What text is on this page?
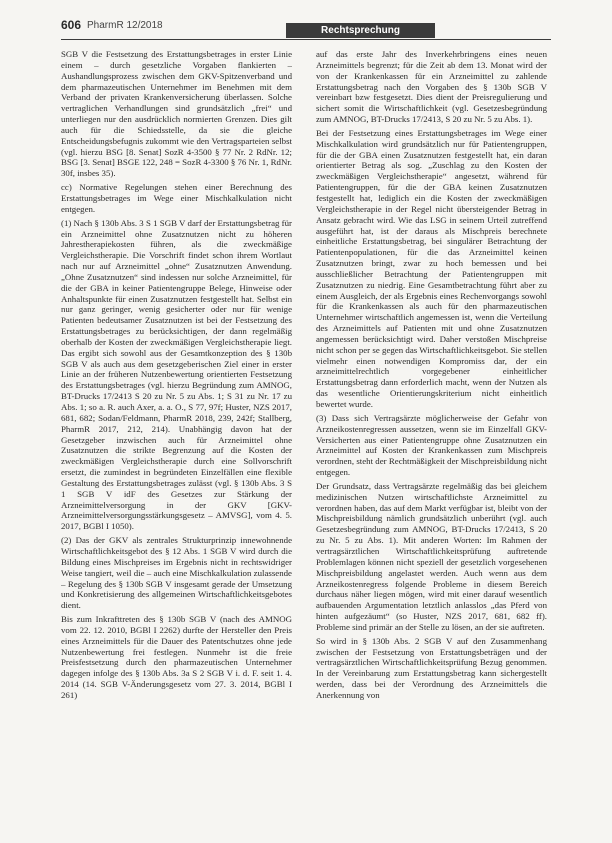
606 PharmR 12/2018	Rechtsprechung

SGB V die Festsetzung des Erstattungsbetrages in erster Linie einem – durch gesetzliche Vorgaben flankierten – Aushandlungsprozess zwischen dem GKV-Spitzenverband und dem pharmazeutischen Unternehmer im Benehmen mit dem Verband der privaten Krankenversicherung überlassen. Solche vertraglichen Verhandlungen sind grundsätzlich „frei“ und unterliegen nur den ausdrücklich normierten Grenzen. Dies gilt auch für die Schiedsstelle, da sie die gleiche Entscheidungsbefugnis zukommt wie den Vertragsparteien selbst (vgl. hierzu BSG [8. Senat] SozR 4-3500 § 77 Nr. 2 RdNr. 12; BSG [3. Senat] BSGE 122, 248 = SozR 4-3300 § 76 Nr. 1, RdNr. 30f, insbes 35).

cc) Normative Regelungen stehen einer Berechnung des Erstattungsbetrages im Wege einer Mischkalkulation nicht entgegen.

(1) Nach § 130b Abs. 3 S 1 SGB V darf der Erstattungsbetrag für ein Arzneimittel ohne Zusatznutzen nicht zu höheren Jahrestherapiekosten führen, als die zweckmäßige Vergleichstherapie. Die Vorschrift findet schon ihrem Wortlaut nach nur auf Arzneimittel „ohne“ Zusatznutzen Anwendung. „Ohne Zusatznutzen“ sind indessen nur solche Arzneimittel, für die der GBA in keiner Patientengruppe Belege, Hinweise oder Anhaltspunkte für einen Zusatznutzen festgestellt hat. Selbst ein nur ganz geringer, wenig gesicherter oder nur für wenige Patienten bedeutsamer Zusatznutzen ist bei der Festsetzung des Erstattungsbetrages zu berücksichtigen, der dann regelmäßig oberhalb der Kosten der zweckmäßigen Vergleichstherapie liegt. Das ergibt sich sowohl aus der Gesamtkonzeption des § 130b SGB V als auch aus dem gesetzgeberischen Ziel einer in erster Linie an der früheren Nutzenbewertung orientierten Festsetzung des Erstattungsbetrages (vgl. hierzu Begründung zum AMNOG, BT-Drucks 17/2413 S 20 zu Nr. 5 zu Abs. 1; S 31 zu Nr. 17 zu Abs. 1; so a. R. auch Axer, a. a. O., S 77, 97f; Huster, NZS 2017, 681, 682; Sodan/Feldmann, PharmR 2018, 239, 242f; Stallberg, PharmR 2017, 212, 214). Unabhängig davon hat der Gesetzgeber inzwischen auch für Arzneimittel ohne Zusatznutzen die strikte Begrenzung auf die Kosten der zweckmäßigen Vergleichstherapie durch eine Sollvorschrift ersetzt, die zumindest in begründeten Einzelfällen eine flexible Gestaltung des Erstattungsbetrages zulässt (vgl. § 130b Abs. 3 S 1 SGB V idF des Gesetzes zur Stärkung der Arzneimittelversorgung in der GKV [GKV-Arzneimittelversorgungsstärkungsgesetz – AMVSG], vom 4. 5. 2017, BGBl I 1050).

(2) Das der GKV als zentrales Strukturprinzip innewohnende Wirtschaftlichkeitsgebot des § 12 Abs. 1 SGB V wird durch die Bildung eines Mischpreises im Ergebnis nicht in rechtswidriger Weise tangiert, weil die – auch eine Mischkalkulation zulassende – Regelung des § 130b SGB V insgesamt gerade der Umsetzung und Konkretisierung des allgemeinen Wirtschaftlichkeitsgebotes dient.

Bis zum Inkrafttreten des § 130b SGB V (nach des AMNOG vom 22. 12. 2010, BGBl I 2262) durfte der Hersteller den Preis eines Arzneimittels für die Dauer des Patentschutzes ohne jede Nutzenbewertung frei festlegen. Nunmehr ist die freie Preisfestsetzung durch den pharmazeutischen Unternehmer dagegen infolge des § 130b Abs. 3a S 2 SGB V i. d. F. seit 1. 4. 2014 (14. SGB V-Änderungsgesetz vom 27. 3. 2014, BGBl I 261)

auf das erste Jahr des Inverkehrbringens eines neuen Arzneimittels begrenzt; für die Zeit ab dem 13. Monat wird der von der Krankenkassen für ein Arzneimittel zu zahlende Erstattungsbetrag nach den Vorgaben des § 130b SGB V vereinbart bzw festgesetzt. Dies dient der Preisregulierung und sichert somit die Wirtschaftlichkeit (vgl. Gesetzesbegründung zum AMNOG, BT-Drucks 17/2413, S 20 zu Nr. 5 zu Abs. 1).

Bei der Festsetzung eines Erstattungsbetrages im Wege einer Mischkalkulation wird grundsätzlich nur für Patientengruppen, für die der GBA einen Zusatznutzen festgestellt hat, ein daran orientierter Betrag als sog. „Zuschlag zu den Kosten der zweckmäßigen Vergleichstherapie“ angesetzt, während für Patientengruppen, für die der GBA keinen Zusatznutzen festgestellt hat, lediglich ein die Kosten der zweckmäßigen Vergleichstherapie in der Regel nicht übersteigender Betrag in Ansatz gebracht wird. Wie das LSG in seinem Urteil zutreffend ausgeführt hat, ist der daraus als Mischpreis berechnete einheitliche Erstattungsbetrag, bei singulärer Betrachtung der Patientenpopulationen, für die das Arzneimittel keinen Zusatznutzen bringt, zwar zu hoch bemessen und bei ausschließlicher Betrachtung der Patientengruppen mit Zusatznutzen zu niedrig. Eine Gesamtbetrachtung führt aber zu einem Ausgleich, der als Ergebnis eines Rechenvorgangs sowohl für die Krankenkassen als auch für den pharmazeutischen Unternehmer wirtschaftlich angemessen ist, wenn die Verteilung des Arzneimittels auf Patienten mit und ohne Zusatznutzen angemessen berücksichtigt wird. Daher verstoßen Mischpreise nicht schon per se gegen das Wirtschaftlichkeitsgebot. Sie stellen vielmehr einen notwendigen Kompromiss dar, der ein arzneimittelrechtlich vorgegebener einheitlicher Erstattungsbetrag dann erforderlich macht, wenn der Nutzen als das wesentliche Orientierungskriterium nicht einheitlich bewertet wurde.

(3) Dass sich Vertragsärzte möglicherweise der Gefahr von Arzneikostenregressen aussetzen, wenn sie im Einzelfall GKV-Versicherten aus einer Patientengruppe ohne Zusatznutzen ein Arzneimittel auf Kosten der Krankenkassen zum Mischpreis verordnen, steht der Rechtmäßigkeit der Mischpreisbildung nicht entgegen.

Der Grundsatz, dass Vertragsärzte regelmäßig das bei gleichem medizinischen Nutzen wirtschaftlichste Arzneimittel zu verordnen haben, das auf dem Markt verfügbar ist, bleibt von der Mischpreisbildung nämlich grundsätzlich unberührt (vgl. auch Gesetzesbegründung zum AMNOG, BT-Drucks 17/2413, S 20 zu Nr. 5 zu Abs. 1). Mit anderen Worten: Im Rahmen der vertragsärztlichen Wirtschaftlichkeitsprüfung auftretende Problemlagen können nicht speziell der gesetzlich vorgesehenen Mischpreisbildung angelastet werden. Auch wenn aus dem Arzneikostenregress folgende Probleme in diesem Bereich durchaus näher liegen mögen, wird mit einer darauf wesentlich aufbauenden Argumentation letztlich anlasslos „das Pferd von hinten aufgezäumt“ (so Huster, NZS 2017, 681, 682 ff). Probleme sind primär an der Stelle zu lösen, an der sie auftreten.

So wird in § 130b Abs. 2 SGB V auf den Zusammenhang zwischen der Festsetzung von Erstattungsbeträgen und der vertragsärztlichen Wirtschaftlichkeitsprüfung Bezug genommen. In der Vereinbarung zum Erstattungsbetrag kann sichergestellt werden, dass bei der Verordnung des Arzneimittels die Anerkennung von
